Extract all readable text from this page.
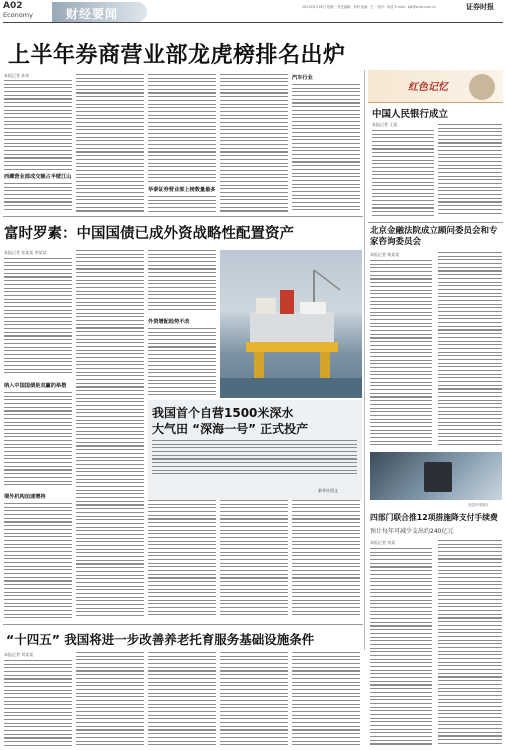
A02
Economy	财经要闻	2021年6月28日 星期一 责任编辑：刘珂 美编：王一 校对：杨清 E-mail：bjs@scjrb.com.cn	证券时报
上半年券商营业部龙虎榜排名出炉
本报记者 孙宪
西藏营业部成交额占半壁江山
华泰证券营业部上榜数量最多
汽车行业
红色记忆
中国人民银行成立
本报记者 王某
富时罗素：中国国债已成外资战略性配置资产
本报记者 张某某 李某某
纳入中国国债是双赢的举措
境外机构加速增持
外资增配趋势不改
我国首个自营1500米深水
大气田 “深海一号” 正式投产
新华社图文
北京金融法院成立顾问委员会和专家咨询委员会
本报记者 杨某某
视觉中国图片
四部门联合推12项措施降支付手续费
预计每年可减少支出约240亿元
本报记者 刘某
“十四五” 我国将进一步改善养老托育服务基础设施条件
本报记者 刘某某
